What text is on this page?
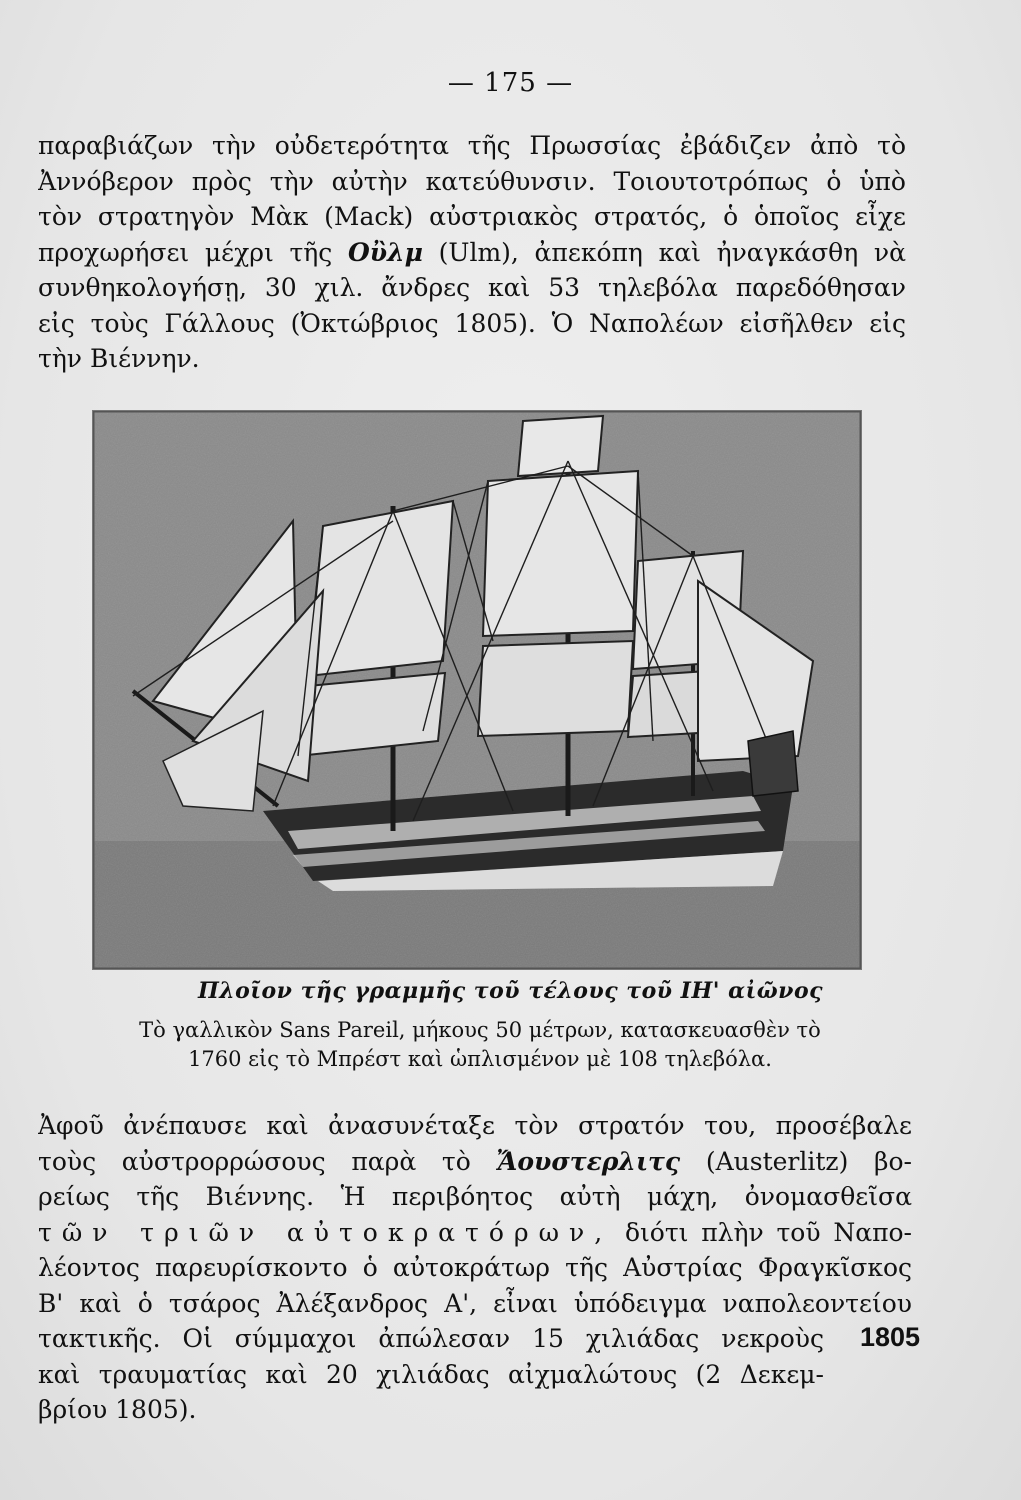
— 175 —
παραβιάζων τὴν οὐδετερότητα τῆς Πρωσσίας ἐβάδιζεν ἀπὸ τὸ
Ἀννόβερον πρὸς τὴν αὐτὴν κατεύθυνσιν. Τοιουτοτρόπως ὁ ὑπὸ
τὸν στρατηγὸν Μὰκ (Mack) αὐστριακὸς στρατός, ὁ ὁποῖος εἶχε
προχωρήσει μέχρι τῆς Οὒλμ (Ulm), ἀπεκόπη καὶ ἠναγκάσθη νὰ
συνθηκολογήσῃ, 30 χιλ. ἄνδρες καὶ 53 τηλεβόλα παρεδόθησαν
εἰς τοὺς Γάλλους (Ὀκτώβριος 1805). Ὁ Ναπολέων εἰσῆλθεν εἰς
τὴν Βιέννην.
Πλοῖον τῆς γραμμῆς τοῦ τέλους τοῦ ΙΗ' αἰῶνος
Τὸ γαλλικὸν Sans Pareil, μήκους 50 μέτρων, κατασκευασθὲν τὸ
1760 εἰς τὸ Μπρέστ καὶ ὡπλισμένον μὲ 108 τηλεβόλα.
Ἀφοῦ ἀνέπαυσε καὶ ἀνασυνέταξε τὸν στρατόν του, προσέβαλε
τοὺς αὐστρορρώσους παρὰ τὸ Ἄουστερλιτς (Austerlitz) βο-
ρείως τῆς Βιέννης. Ἡ περιβόητος αὐτὴ μάχη, ὀνομασθεῖσα
τῶν τριῶν αὐτοκρατόρων, διότι πλὴν τοῦ Ναπο-
λέοντος παρευρίσκοντο ὁ αὐτοκράτωρ τῆς Αὐστρίας Φραγκῖσκος
Β' καὶ ὁ τσάρος Ἀλέξανδρος Α', εἶναι ὑπόδειγμα ναπολεοντείου
τακτικῆς. Οἱ σύμμαχοι ἀπώλεσαν 15 χιλιάδας νεκροὺς
καὶ τραυματίας καὶ 20 χιλιάδας αἰχμαλώτους (2 Δεκεμ-
βρίου 1805).
1805
